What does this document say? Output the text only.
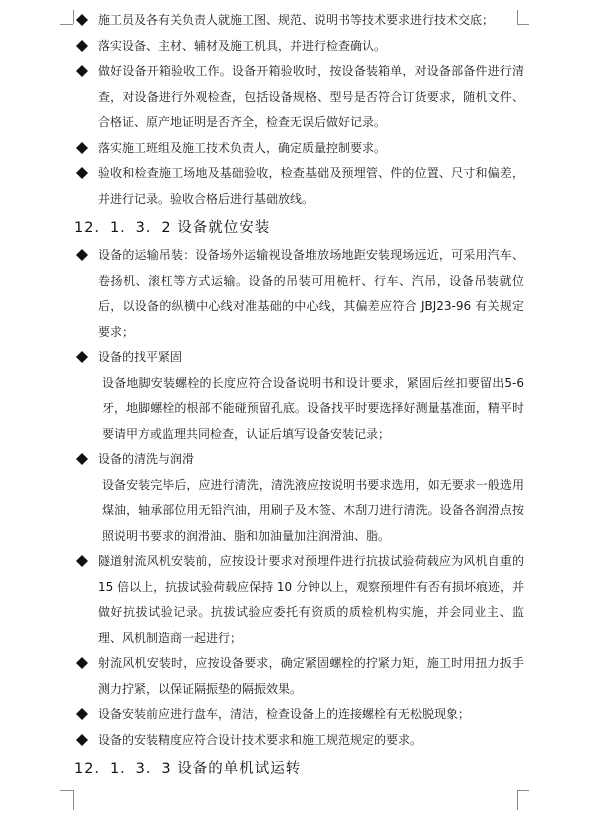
施工员及各有关负责人就施工图、规范、说明书等技术要求进行技术交底；
落实设备、主材、辅材及施工机具，并进行检查确认。
做好设备开箱验收工作。设备开箱验收时，按设备装箱单，对设备部备件进行清查，对设备进行外观检查，包括设备规格、型号是否符合订货要求，随机文件、合格证、原产地证明是否齐全，检查无误后做好记录。
落实施工班组及施工技术负责人，确定质量控制要求。
验收和检查施工场地及基础验收，检查基础及预埋管、件的位置、尺寸和偏差，并进行记录。验收合格后进行基础放线。
12．1．3．2 设备就位安装
设备的运输吊装：设备场外运输视设备堆放场地距安装现场远近，可采用汽车、卷扬机、滚杠等方式运输。设备的吊装可用桅杆、行车、汽吊，设备吊装就位后，以设备的纵横中心线对准基础的中心线，其偏差应符合 JBJ23-96 有关规定要求；
设备的找平紧固
设备地脚安装螺栓的长度应符合设备说明书和设计要求，紧固后丝扣要留出5-6 牙，地脚螺栓的根部不能碰预留孔底。设备找平时要选择好测量基准面，精平时要请甲方或监理共同检查，认证后填写设备安装记录；
设备的清洗与润滑
设备安装完毕后，应进行清洗，清洗液应按说明书要求选用，如无要求一般选用煤油，轴承部位用无铅汽油，用刷子及木签、木刮刀进行清洗。设备各润滑点按照说明书要求的润滑油、脂和加油量加注润滑油、脂。
隧道射流风机安装前，应按设计要求对预埋件进行抗拔试验荷载应为风机自重的 15 倍以上，抗拔试验荷载应保持 10 分钟以上，观察预埋件有否有损坏痕迹，并做好抗拔试验记录。抗拔试验应委托有资质的质检机构实施，并会同业主、监理、风机制造商一起进行；
射流风机安装时，应按设备要求，确定紧固螺栓的拧紧力矩，施工时用扭力扳手测力拧紧，以保证隔振垫的隔振效果。
设备安装前应进行盘车，清洁，检查设备上的连接螺栓有无松脱现象；
设备的安装精度应符合设计技术要求和施工规范规定的要求。
12．1．3．3 设备的单机试运转
